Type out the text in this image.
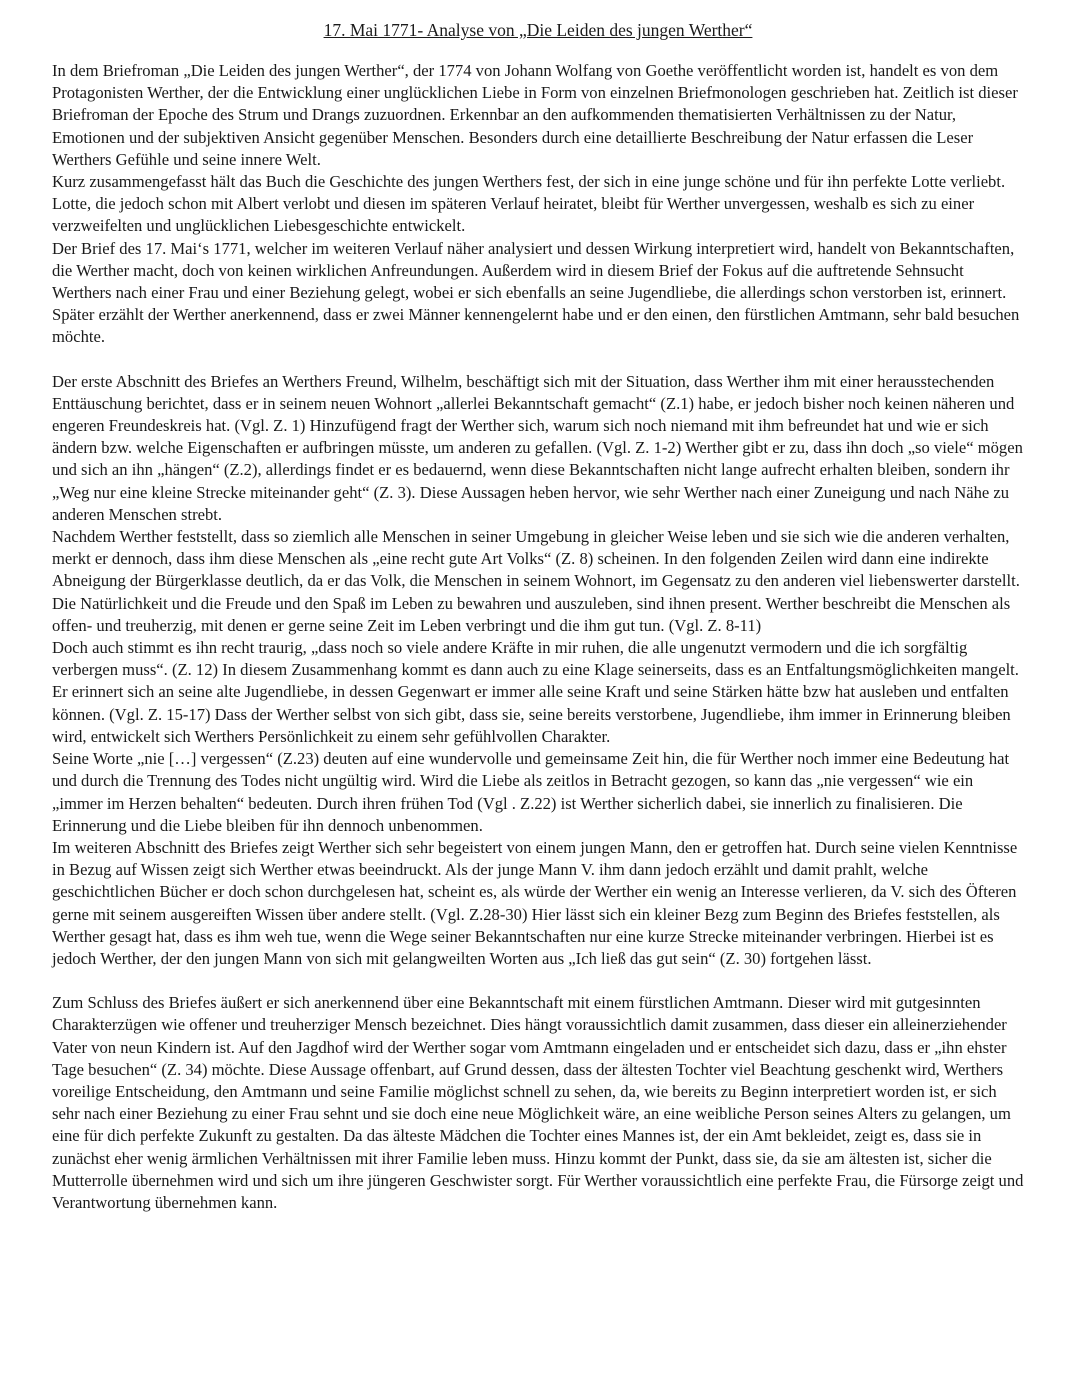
17. Mai 1771- Analyse von „Die Leiden des jungen Werther“

In dem Briefroman „Die Leiden des jungen Werther“, der 1774 von Johann Wolfang von Goethe veröffentlicht worden ist, handelt es von dem Protagonisten Werther, der die Entwicklung einer unglücklichen Liebe in Form von einzelnen Briefmonologen geschrieben hat. Zeitlich ist dieser Briefroman der Epoche des Strum und Drangs zuzuordnen. Erkennbar an den aufkommenden thematisierten Verhältnissen zu der Natur, Emotionen und der subjektiven Ansicht gegenüber Menschen. Besonders durch eine detaillierte Beschreibung der Natur erfassen die Leser Werthers Gefühle und seine innere Welt.

Kurz zusammengefasst hält das Buch die Geschichte des jungen Werthers fest, der sich in eine junge schöne und für ihn perfekte Lotte verliebt. Lotte, die jedoch schon mit Albert verlobt und diesen im späteren Verlauf heiratet, bleibt für Werther unvergessen, weshalb es sich zu einer verzweifelten und unglücklichen Liebesgeschichte entwickelt.

Der Brief des 17. Mai‘s 1771, welcher im weiteren Verlauf näher analysiert und dessen Wirkung interpretiert wird, handelt von Bekanntschaften, die Werther macht, doch von keinen wirklichen Anfreundungen. Außerdem wird in diesem Brief der Fokus auf die auftretende Sehnsucht Werthers nach einer Frau und einer Beziehung gelegt, wobei er sich ebenfalls an seine Jugendliebe, die allerdings schon verstorben ist, erinnert. Später erzählt der Werther anerkennend, dass er zwei Männer kennengelernt habe und er den einen, den fürstlichen Amtmann, sehr bald besuchen möchte.

Der erste Abschnitt des Briefes an Werthers Freund, Wilhelm, beschäftigt sich mit der Situation, dass Werther ihm mit einer herausstechenden Enttäuschung berichtet, dass er in seinem neuen Wohnort „allerlei Bekanntschaft gemacht“ (Z.1) habe, er jedoch bisher noch keinen näheren und engeren Freundeskreis hat. (Vgl. Z. 1) Hinzufügend fragt der Werther sich, warum sich noch niemand mit ihm befreundet hat und wie er sich ändern bzw. welche Eigenschaften er aufbringen müsste, um anderen zu gefallen. (Vgl. Z. 1-2) Werther gibt er zu, dass ihn doch „so viele“ mögen und sich an ihn „hängen“ (Z.2), allerdings findet er es bedauernd, wenn diese Bekanntschaften nicht lange aufrecht erhalten bleiben, sondern ihr „Weg nur eine kleine Strecke miteinander geht“ (Z. 3). Diese Aussagen heben hervor, wie sehr Werther nach einer Zuneigung und nach Nähe zu anderen Menschen strebt.

Nachdem Werther feststellt, dass so ziemlich alle Menschen in seiner Umgebung in gleicher Weise leben und sie sich wie die anderen verhalten, merkt er dennoch, dass ihm diese Menschen als „eine recht gute Art Volks“ (Z. 8) scheinen. In den folgenden Zeilen wird dann eine indirekte Abneigung der Bürgerklasse deutlich, da er das Volk, die Menschen in seinem Wohnort, im Gegensatz zu den anderen viel liebenswerter darstellt. Die Natürlichkeit und die Freude und den Spaß im Leben zu bewahren und auszuleben, sind ihnen present. Werther beschreibt die Menschen als offen- und treuherzig, mit denen er gerne seine Zeit im Leben verbringt und die ihm gut tun. (Vgl. Z. 8-11)

Doch auch stimmt es ihn recht traurig, „dass noch so viele andere Kräfte in mir ruhen, die alle ungenutzt vermodern und die ich sorgfältig verbergen muss“. (Z. 12) In diesem Zusammenhang kommt es dann auch zu eine Klage seinerseits, dass es an Entfaltungsmöglichkeiten mangelt. Er erinnert sich an seine alte Jugendliebe, in dessen Gegenwart er immer alle seine Kraft und seine Stärken hätte bzw hat ausleben und entfalten können. (Vgl. Z. 15-17) Dass der Werther selbst von sich gibt, dass sie, seine bereits verstorbene, Jugendliebe, ihm immer in Erinnerung bleiben wird, entwickelt sich Werthers Persönlichkeit zu einem sehr gefühlvollen Charakter.

Seine Worte „nie […] vergessen“ (Z.23) deuten auf eine wundervolle und gemeinsame Zeit hin, die für Werther noch immer eine Bedeutung hat und durch die Trennung des Todes nicht ungültig wird. Wird die Liebe als zeitlos in Betracht gezogen, so kann das „nie vergessen“ wie ein „immer im Herzen behalten“ bedeuten. Durch ihren frühen Tod (Vgl . Z.22) ist Werther sicherlich dabei, sie innerlich zu finalisieren. Die Erinnerung und die Liebe bleiben für ihn dennoch unbenommen.

Im weiteren Abschnitt des Briefes zeigt Werther sich sehr begeistert von einem jungen Mann, den er getroffen hat. Durch seine vielen Kenntnisse in Bezug auf Wissen zeigt sich Werther etwas beeindruckt. Als der junge Mann V. ihm dann jedoch erzählt und damit prahlt, welche geschichtlichen Bücher er doch schon durchgelesen hat, scheint es, als würde der Werther ein wenig an Interesse verlieren, da V. sich des Öfteren gerne mit seinem ausgereiften Wissen über andere stellt. (Vgl. Z.28-30) Hier lässt sich ein kleiner Bezg zum Beginn des Briefes feststellen, als Werther gesagt hat, dass es ihm weh tue, wenn die Wege seiner Bekanntschaften nur eine kurze Strecke miteinander verbringen. Hierbei ist es jedoch Werther, der den jungen Mann von sich mit gelangweilten Worten aus „Ich ließ das gut sein“ (Z. 30) fortgehen lässt.

Zum Schluss des Briefes äußert er sich anerkennend über eine Bekanntschaft mit einem fürstlichen Amtmann. Dieser wird mit gutgesinnten Charakterzügen wie offener und treuherziger Mensch bezeichnet. Dies hängt voraussichtlich damit zusammen, dass dieser ein alleinerziehender Vater von neun Kindern ist. Auf den Jagdhof wird der Werther sogar vom Amtmann eingeladen und er entscheidet sich dazu, dass er „ihn ehster Tage besuchen“ (Z. 34) möchte. Diese Aussage offenbart, auf Grund dessen, dass der ältesten Tochter viel Beachtung geschenkt wird, Werthers voreilige Entscheidung, den Amtmann und seine Familie möglichst schnell zu sehen, da, wie bereits zu Beginn interpretiert worden ist, er sich sehr nach einer Beziehung zu einer Frau sehnt und sie doch eine neue Möglichkeit wäre, an eine weibliche Person seines Alters zu gelangen, um eine für dich perfekte Zukunft zu gestalten. Da das älteste Mädchen die Tochter eines Mannes ist, der ein Amt bekleidet, zeigt es, dass sie in zunächst eher wenig ärmlichen Verhältnissen mit ihrer Familie leben muss. Hinzu kommt der Punkt, dass sie, da sie am ältesten ist, sicher die Mutterrolle übernehmen wird und sich um ihre jüngeren Geschwister sorgt. Für Werther voraussichtlich eine perfekte Frau, die Fürsorge zeigt und Verantwortung übernehmen kann.
